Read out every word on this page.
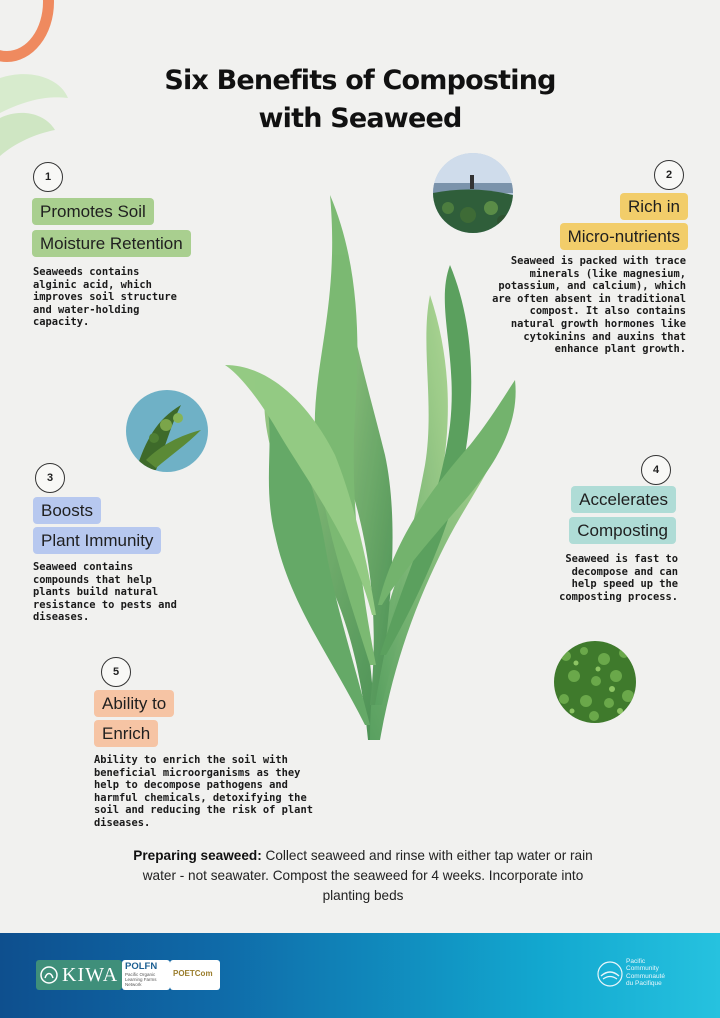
Six Benefits of Composting
with Seaweed
1
Promotes Soil
Moisture Retention
Seaweeds contains
alginic acid, which
improves soil structure
and water-holding
capacity.
2
Rich in
Micro-nutrients
Seaweed is packed with trace
minerals (like magnesium,
potassium, and calcium), which
are often absent in traditional
compost. It also contains
natural growth hormones like
cytokinins and auxins that
enhance plant growth.
3
Boosts
Plant Immunity
Seaweed contains
compounds that help
plants build natural
resistance to pests and
diseases.
4
Accelerates
Composting
Seaweed is fast to
decompose and can
help speed up the
composting process.
5
Ability to
Enrich
Ability to enrich the soil with
beneficial microorganisms as they
help to decompose pathogens and
harmful chemicals, detoxifying the
soil and reducing the risk of plant
diseases.

Preparing seaweed: Collect seaweed and rinse with either tap water or rain water - not seawater. Compost the seaweed for 4 weeks. Incorporate into planting beds

KIWA POLFN
Pacific Organic Learning Farms Network
POETCom
Pacific
Community
Communauté
du Pacifique
